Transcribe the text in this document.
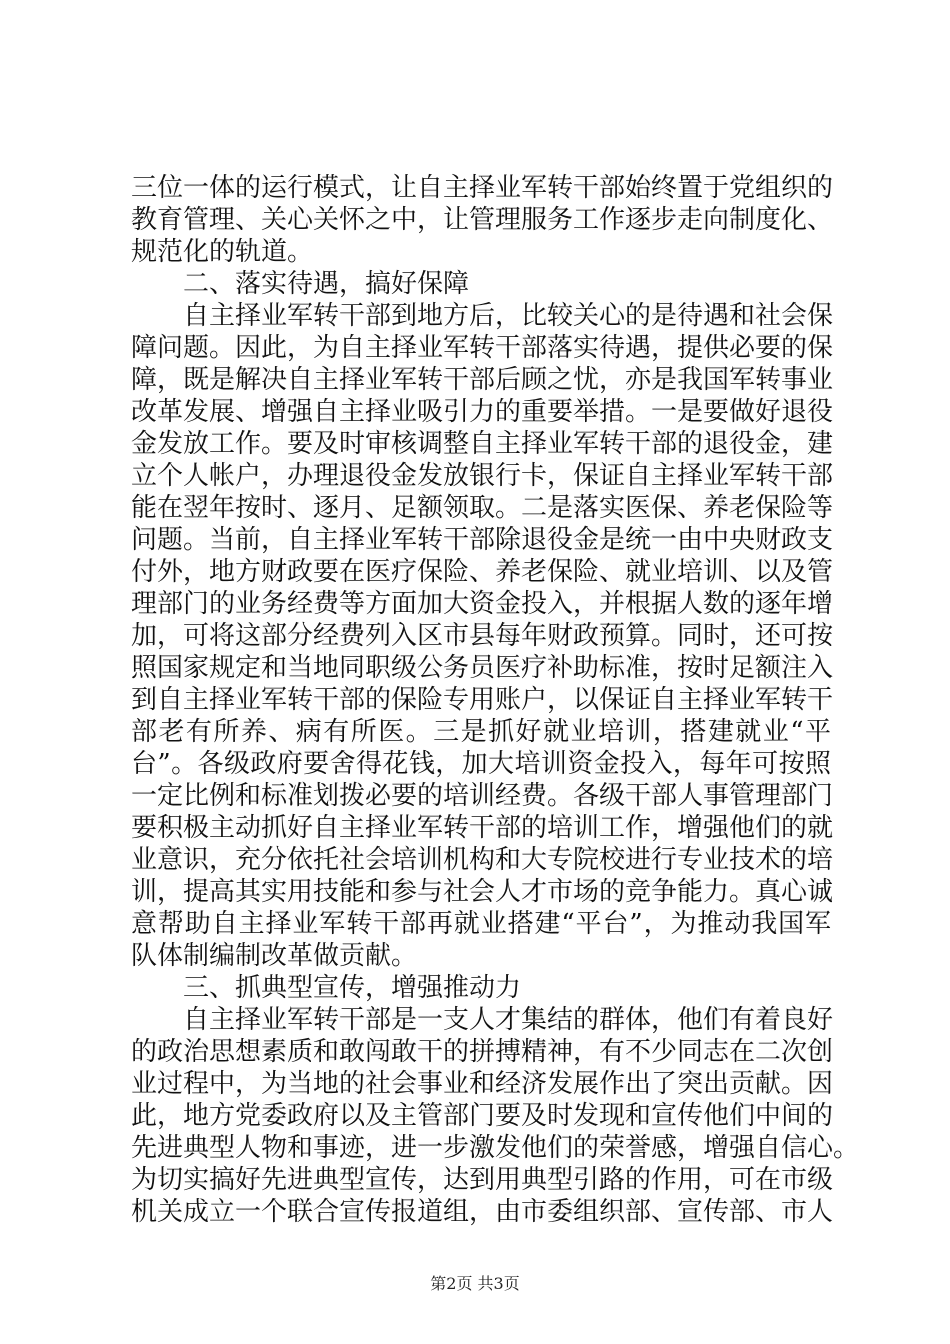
三位一体的运行模式，让自主择业军转干部始终置于党组织的
教育管理、关心关怀之中，让管理服务工作逐步走向制度化、
规范化的轨道。
二、落实待遇，搞好保障
自主择业军转干部到地方后，比较关心的是待遇和社会保
障问题。因此，为自主择业军转干部落实待遇，提供必要的保
障，既是解决自主择业军转干部后顾之忧，亦是我国军转事业
改革发展、增强自主择业吸引力的重要举措。一是要做好退役
金发放工作。要及时审核调整自主择业军转干部的退役金，建
立个人帐户，办理退役金发放银行卡，保证自主择业军转干部
能在翌年按时、逐月、足额领取。二是落实医保、养老保险等
问题。当前，自主择业军转干部除退役金是统一由中央财政支
付外，地方财政要在医疗保险、养老保险、就业培训、以及管
理部门的业务经费等方面加大资金投入，并根据人数的逐年增
加，可将这部分经费列入区市县每年财政预算。同时，还可按
照国家规定和当地同职级公务员医疗补助标准，按时足额注入
到自主择业军转干部的保险专用账户，以保证自主择业军转干
部老有所养、病有所医。三是抓好就业培训，搭建就业“平
台”。各级政府要舍得花钱，加大培训资金投入，每年可按照
一定比例和标准划拨必要的培训经费。各级干部人事管理部门
要积极主动抓好自主择业军转干部的培训工作，增强他们的就
业意识，充分依托社会培训机构和大专院校进行专业技术的培
训，提高其实用技能和参与社会人才市场的竞争能力。真心诚
意帮助自主择业军转干部再就业搭建“平台”，为推动我国军
队体制编制改革做贡献。
三、抓典型宣传，增强推动力
自主择业军转干部是一支人才集结的群体，他们有着良好
的政治思想素质和敢闯敢干的拼搏精神，有不少同志在二次创
业过程中，为当地的社会事业和经济发展作出了突出贡献。因
此，地方党委政府以及主管部门要及时发现和宣传他们中间的
先进典型人物和事迹，进一步激发他们的荣誉感，增强自信心。
为切实搞好先进典型宣传，达到用典型引路的作用，可在市级
机关成立一个联合宣传报道组，由市委组织部、宣传部、市人
第2页 共3页
